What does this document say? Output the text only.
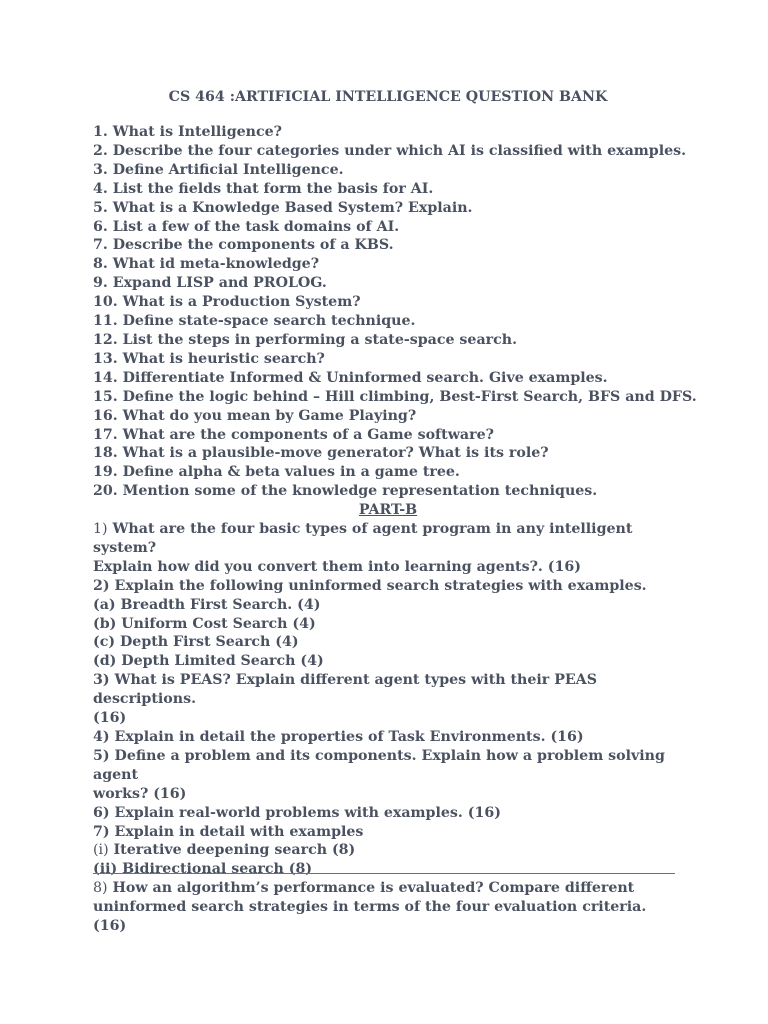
CS 464 :ARTIFICIAL INTELLIGENCE QUESTION BANK
1. What is Intelligence?
2. Describe the four categories under which AI is classified with examples.
3. Define Artificial Intelligence.
4. List the fields that form the basis for AI.
5. What is a Knowledge Based System? Explain.
6. List a few of the task domains of AI.
7. Describe the components of a KBS.
8. What id meta-knowledge?
9. Expand LISP and PROLOG.
10. What is a Production System?
11. Define state-space search technique.
12. List the steps in performing a state-space search.
13. What is heuristic search?
14. Differentiate Informed & Uninformed search. Give examples.
15. Define the logic behind – Hill climbing, Best-First Search, BFS and DFS.
16. What do you mean by Game Playing?
17. What are the components of a Game software?
18. What is a plausible-move generator? What is its role?
19. Define alpha & beta values in a game tree.
20. Mention some of the knowledge representation techniques.
PART-B
1) What are the four basic types of agent program in any intelligent system?
Explain how did you convert them into learning agents?. (16)
2) Explain the following uninformed search strategies with examples.
(a) Breadth First Search. (4)
(b) Uniform Cost Search (4)
(c) Depth First Search (4)
(d) Depth Limited Search (4)
3) What is PEAS? Explain different agent types with their PEAS descriptions.
(16)
4) Explain in detail the properties of Task Environments. (16)
5) Define a problem and its components. Explain how a problem solving agent
works? (16)
6) Explain real-world problems with examples. (16)
7) Explain in detail with examples
(i) Iterative deepening search (8)
(ii) Bidirectional search (8)
8) How an algorithm’s performance is evaluated? Compare different
uninformed search strategies in terms of the four evaluation criteria. (16)
